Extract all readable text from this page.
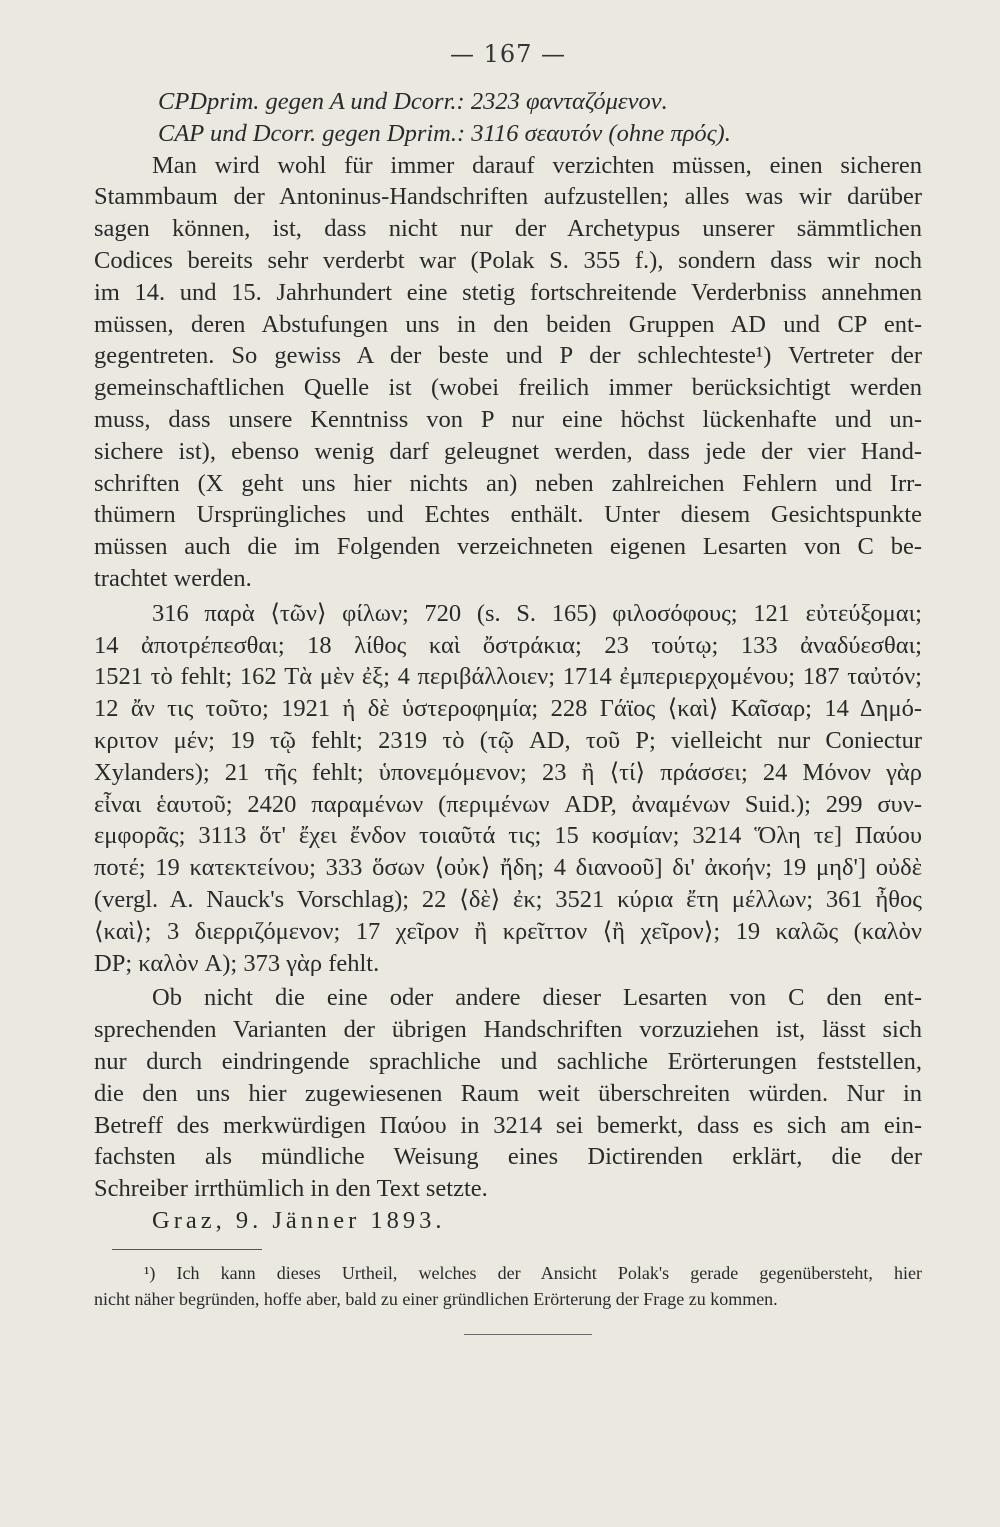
— 167 —
CPDprim. gegen A und Dcorr.: 2323 φανταζόμενον.
CAP und Dcorr. gegen Dprim.: 3116 σεαυτόν (ohne πρός).
Man wird wohl für immer darauf verzichten müssen, einen sicheren
Stammbaum der Antoninus-Handschriften aufzustellen; alles was wir darüber
sagen können, ist, dass nicht nur der Archetypus unserer sämmtlichen
Codices bereits sehr verderbt war (Polak S. 355 f.), sondern dass wir noch
im 14. und 15. Jahrhundert eine stetig fortschreitende Verderbniss annehmen
müssen, deren Abstufungen uns in den beiden Gruppen AD und CP ent-
gegentreten. So gewiss A der beste und P der schlechteste¹) Vertreter der
gemeinschaftlichen Quelle ist (wobei freilich immer berücksichtigt werden
muss, dass unsere Kenntniss von P nur eine höchst lückenhafte und un-
sichere ist), ebenso wenig darf geleugnet werden, dass jede der vier Hand-
schriften (X geht uns hier nichts an) neben zahlreichen Fehlern und Irr-
thümern Ursprüngliches und Echtes enthält. Unter diesem Gesichtspunkte
müssen auch die im Folgenden verzeichneten eigenen Lesarten von C be-
trachtet werden.
316 παρὰ ⟨τῶν⟩ φίλων; 720 (s. S. 165) φιλοσόφους; 121 εὐτεύξομαι;
14 ἀποτρέπεσθαι; 18 λίθος καὶ ὄστράκια; 23 τούτῳ; 133 ἀναδύεσθαι;
1521 τὸ fehlt; 162 Τὰ μὲν ἐξ; 4 περιβάλλοιεν; 1714 ἐμπεριερχομένου; 187 ταὐτόν;
12 ἄν τις τοῦτο; 1921 ἡ δὲ ὑστεροφημία; 228 Γάϊος ⟨καὶ⟩ Καῖσαρ; 14 Δημό-
κριτον μέν; 19 τῷ fehlt; 2319 τὸ (τῷ AD, τοῦ P; vielleicht nur Coniectur
Xylanders); 21 τῆς fehlt; ὑπονεμόμενον; 23 ἢ ⟨τί⟩ πράσσει; 24 Μόνον γὰρ
εἶναι ἑαυτοῦ; 2420 παραμένων (περιμένων ADP, ἀναμένων Suid.); 299 συν-
εμφορᾶς; 3113 ὅτ' ἔχει ἔνδον τοιαῦτά τις; 15 κοσμίαν; 3214 Ὅλη τε] Παύου
ποτέ; 19 κατεκτείνου; 333 ὅσων ⟨οὐκ⟩ ἤδη; 4 διανοοῦ] δι' ἀκοήν; 19 μηδ'] οὐδὲ
(vergl. A. Nauck's Vorschlag); 22 ⟨δὲ⟩ ἐκ; 3521 κύρια ἔτη μέλλων; 361 ἦθος
⟨καὶ⟩; 3 διερριζόμενον; 17 χεῖρον ἢ κρεῖττον ⟨ἢ χεῖρον⟩; 19 καλῶς (καλὸν
DP; καλὸν A); 373 γὰρ fehlt.
Ob nicht die eine oder andere dieser Lesarten von C den ent-
sprechenden Varianten der übrigen Handschriften vorzuziehen ist, lässt sich
nur durch eindringende sprachliche und sachliche Erörterungen feststellen,
die den uns hier zugewiesenen Raum weit überschreiten würden. Nur in
Betreff des merkwürdigen Παύου in 3214 sei bemerkt, dass es sich am ein-
fachsten als mündliche Weisung eines Dictirenden erklärt, die der
Schreiber irrthümlich in den Text setzte.
Graz, 9. Jänner 1893.
¹) Ich kann dieses Urtheil, welches der Ansicht Polak's gerade gegenübersteht, hier
nicht näher begründen, hoffe aber, bald zu einer gründlichen Erörterung der Frage zu kommen.
